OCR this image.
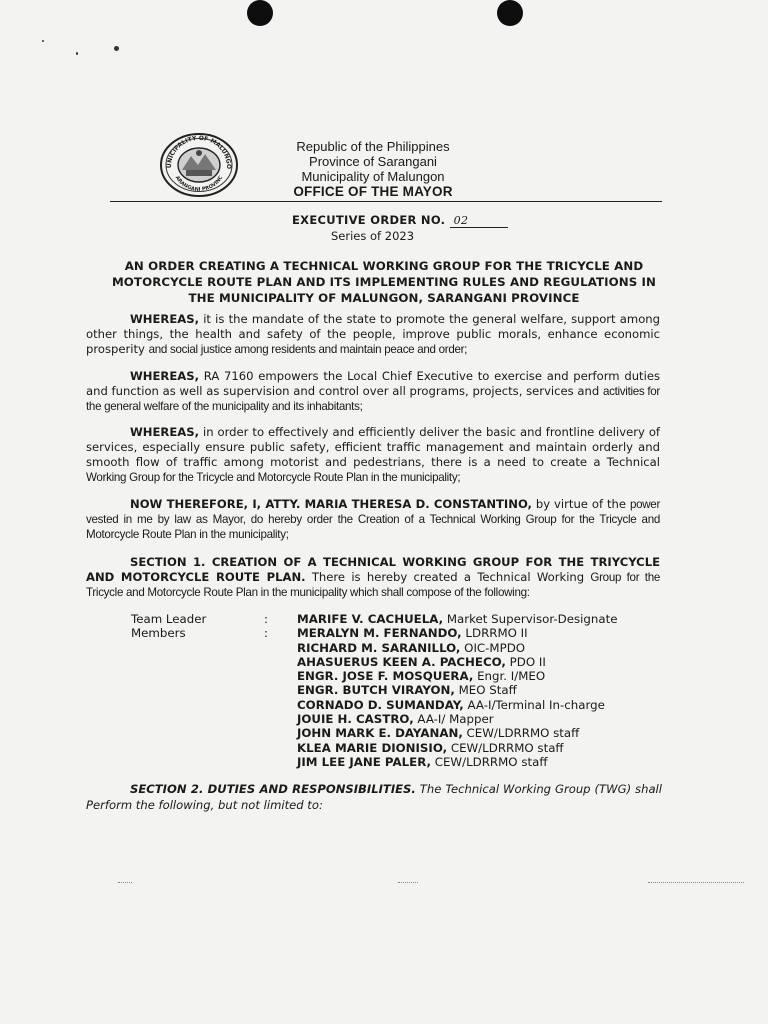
UNICIPALITY OF MALUNGO
ARANGANI PROVINC
Republic of the Philippines
Province of Sarangani
Municipality of Malungon
OFFICE OF THE MAYOR
EXECUTIVE ORDER NO. 02
Series of 2023
AN ORDER CREATING A TECHNICAL WORKING GROUP FOR THE TRICYCLE AND
MOTORCYCLE ROUTE PLAN AND ITS IMPLEMENTING RULES AND REGULATIONS IN
THE MUNICIPALITY OF MALUNGON, SARANGANI PROVINCE
WHEREAS, it is the mandate of the state to promote the general welfare, support among other things, the health and safety of the people, improve public morals, enhance economic prosperity and social justice among residents and maintain peace and order;
WHEREAS, RA 7160 empowers the Local Chief Executive to exercise and perform duties and function as well as supervision and control over all programs, projects, services and activities for the general welfare of the municipality and its inhabitants;
WHEREAS, in order to effectively and efficiently deliver the basic and frontline delivery of services, especially ensure public safety, efficient traffic management and maintain orderly and smooth flow of traffic among motorist and pedestrians, there is a need to create a Technical Working Group for the Tricycle and Motorcycle Route Plan in the municipality;
NOW THEREFORE, I, ATTY. MARIA THERESA D. CONSTANTINO, by virtue of the power vested in me by law as Mayor, do hereby order the Creation of a Technical Working Group for the Tricycle and Motorcycle Route Plan in the municipality;
SECTION 1. CREATION OF A TECHNICAL WORKING GROUP FOR THE TRIYCYCLE AND MOTORCYCLE ROUTE PLAN. There is hereby created a Technical Working Group for the Tricycle and Motorcycle Route Plan in the municipality which shall compose of the following:
Team Leader	:	MARIFE V. CACHUELA, Market Supervisor-Designate
Members	:	MERALYN M. FERNANDO, LDRRMO II
RICHARD M. SARANILLO, OIC-MPDO
AHASUERUS KEEN A. PACHECO, PDO II
ENGR. JOSE F. MOSQUERA, Engr. I/MEO
ENGR. BUTCH VIRAYON, MEO Staff
CORNADO D. SUMANDAY, AA-I/Terminal In-charge
JOUIE H. CASTRO, AA-I/ Mapper
JOHN MARK E. DAYANAN, CEW/LDRRMO staff
KLEA MARIE DIONISIO, CEW/LDRRMO staff
JIM LEE JANE PALER, CEW/LDRRMO staff
SECTION 2. DUTIES AND RESPONSIBILITIES. The Technical Working Group (TWG) shall Perform the following, but not limited to:
